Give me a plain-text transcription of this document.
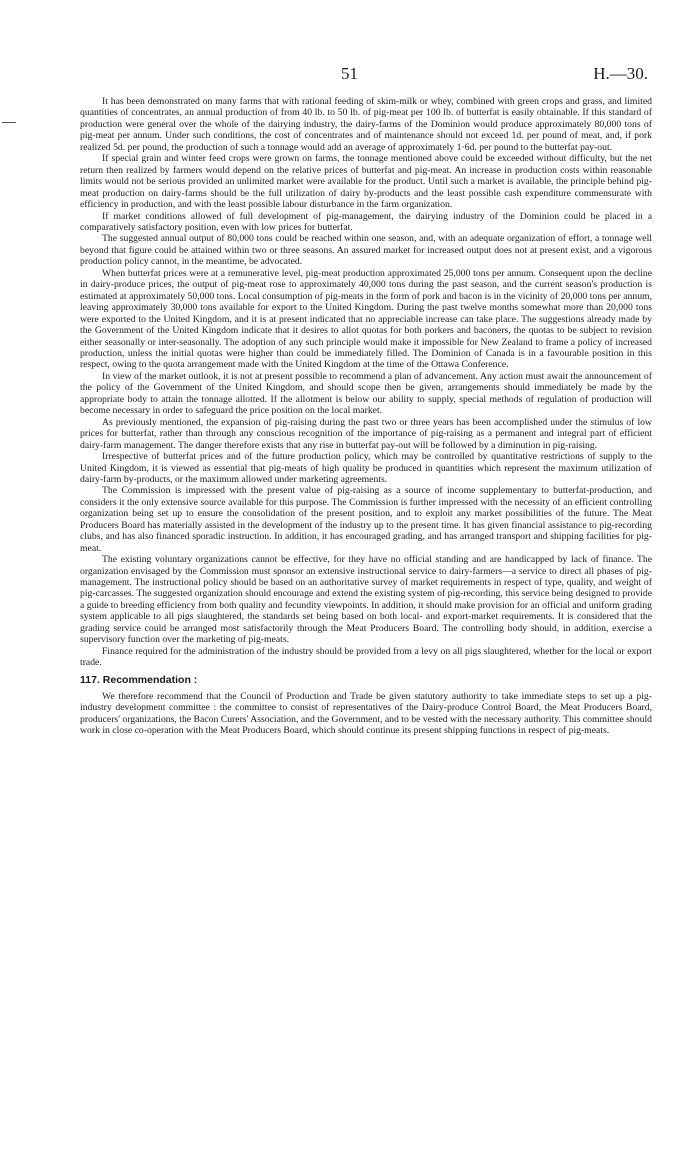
51	H.—30.

It has been demonstrated on many farms that with rational feeding of skim-milk or whey, combined with green crops and grass, and limited quantities of concentrates, an annual production of from 40 lb. to 50 lb. of pig-meat per 100 lb. of butterfat is easily obtainable. If this standard of production were general over the whole of the dairying industry, the dairy-farms of the Dominion would produce approximately 80,000 tons of pig-meat per annum. Under such conditions, the cost of concentrates and of maintenance should not exceed 1d. per pound of meat, and, if pork realized 5d. per pound, the production of such a tonnage would add an average of approximately 1·6d. per pound to the butterfat pay-out.

If special grain and winter feed crops were grown on farms, the tonnage mentioned above could be exceeded without difficulty, but the net return then realized by farmers would depend on the relative prices of butterfat and pig-meat. An increase in production costs within reasonable limits would not be serious provided an unlimited market were available for the product. Until such a market is available, the principle behind pig-meat production on dairy-farms should be the full utilization of dairy by-products and the least possible cash expenditure commensurate with efficiency in production, and with the least possible labour disturbance in the farm organization.

If market conditions allowed of full development of pig-management, the dairying industry of the Dominion could be placed in a comparatively satisfactory position, even with low prices for butterfat.

The suggested annual output of 80,000 tons could be reached within one season, and, with an adequate organization of effort, a tonnage well beyond that figure could be attained within two or three seasons. An assured market for increased output does not at present exist, and a vigorous production policy cannot, in the meantime, be advocated.

When butterfat prices were at a remunerative level, pig-meat production approximated 25,000 tons per annum. Consequent upon the decline in dairy-produce prices, the output of pig-meat rose to approximately 40,000 tons during the past season, and the current season's production is estimated at approximately 50,000 tons. Local consumption of pig-meats in the form of pork and bacon is in the vicinity of 20,000 tons per annum, leaving approximately 30,000 tons available for export to the United Kingdom. During the past twelve months somewhat more than 20,000 tons were exported to the United Kingdom, and it is at present indicated that no appreciable increase can take place. The suggestions already made by the Government of the United Kingdom indicate that it desires to allot quotas for both porkers and baconers, the quotas to be subject to revision either seasonally or inter-seasonally. The adoption of any such principle would make it impossible for New Zealand to frame a policy of increased production, unless the initial quotas were higher than could be immediately filled. The Dominion of Canada is in a favourable position in this respect, owing to the quota arrangement made with the United Kingdom at the time of the Ottawa Conference.

In view of the market outlook, it is not at present possible to recommend a plan of advancement. Any action must await the announcement of the policy of the Government of the United Kingdom, and should scope then be given, arrangements should immediately be made by the appropriate body to attain the tonnage allotted. If the allotment is below our ability to supply, special methods of regulation of production will become necessary in order to safeguard the price position on the local market.

As previously mentioned, the expansion of pig-raising during the past two or three years has been accomplished under the stimulus of low prices for butterfat, rather than through any conscious recognition of the importance of pig-raising as a permanent and integral part of efficient dairy-farm management. The danger therefore exists that any rise in butterfat pay-out will be followed by a diminution in pig-raising.

Irrespective of butterfat prices and of the future production policy, which may be controlled by quantitative restrictions of supply to the United Kingdom, it is viewed as essential that pig-meats of high quality be produced in quantities which represent the maximum utilization of dairy-farm by-products, or the maximum allowed under marketing agreements.

The Commission is impressed with the present value of pig-raising as a source of income supplementary to butterfat-production, and considers it the only extensive source available for this purpose. The Commission is further impressed with the necessity of an efficient controlling organization being set up to ensure the consolidation of the present position, and to exploit any market possibilities of the future. The Meat Producers Board has materially assisted in the development of the industry up to the present time. It has given financial assistance to pig-recording clubs, and has also financed sporadic instruction. In addition, it has encouraged grading, and has arranged transport and shipping facilities for pig-meat.

The existing voluntary organizations cannot be effective, for they have no official standing and are handicapped by lack of finance. The organization envisaged by the Commission must sponsor an extensive instructional service to dairy-farmers—a service to direct all phases of pig-management. The instructional policy should be based on an authoritative survey of market requirements in respect of type, quality, and weight of pig-carcasses. The suggested organization should encourage and extend the existing system of pig-recording, this service being designed to provide a guide to breeding efficiency from both quality and fecundity viewpoints. In addition, it should make provision for an official and uniform grading system applicable to all pigs slaughtered, the standards set being based on both local- and export-market requirements. It is considered that the grading service could be arranged most satisfactorily through the Meat Producers Board. The controlling body should, in addition, exercise a supervisory function over the marketing of pig-meats.

Finance required for the administration of the industry should be provided from a levy on all pigs slaughtered, whether for the local or export trade.

117. Recommendation :

We therefore recommend that the Council of Production and Trade be given statutory authority to take immediate steps to set up a pig-industry development committee : the committee to consist of representatives of the Dairy-produce Control Board, the Meat Producers Board, producers' organizations, the Bacon Curers' Association, and the Government, and to be vested with the necessary authority. This committee should work in close co-operation with the Meat Producers Board, which should continue its present shipping functions in respect of pig-meats.
